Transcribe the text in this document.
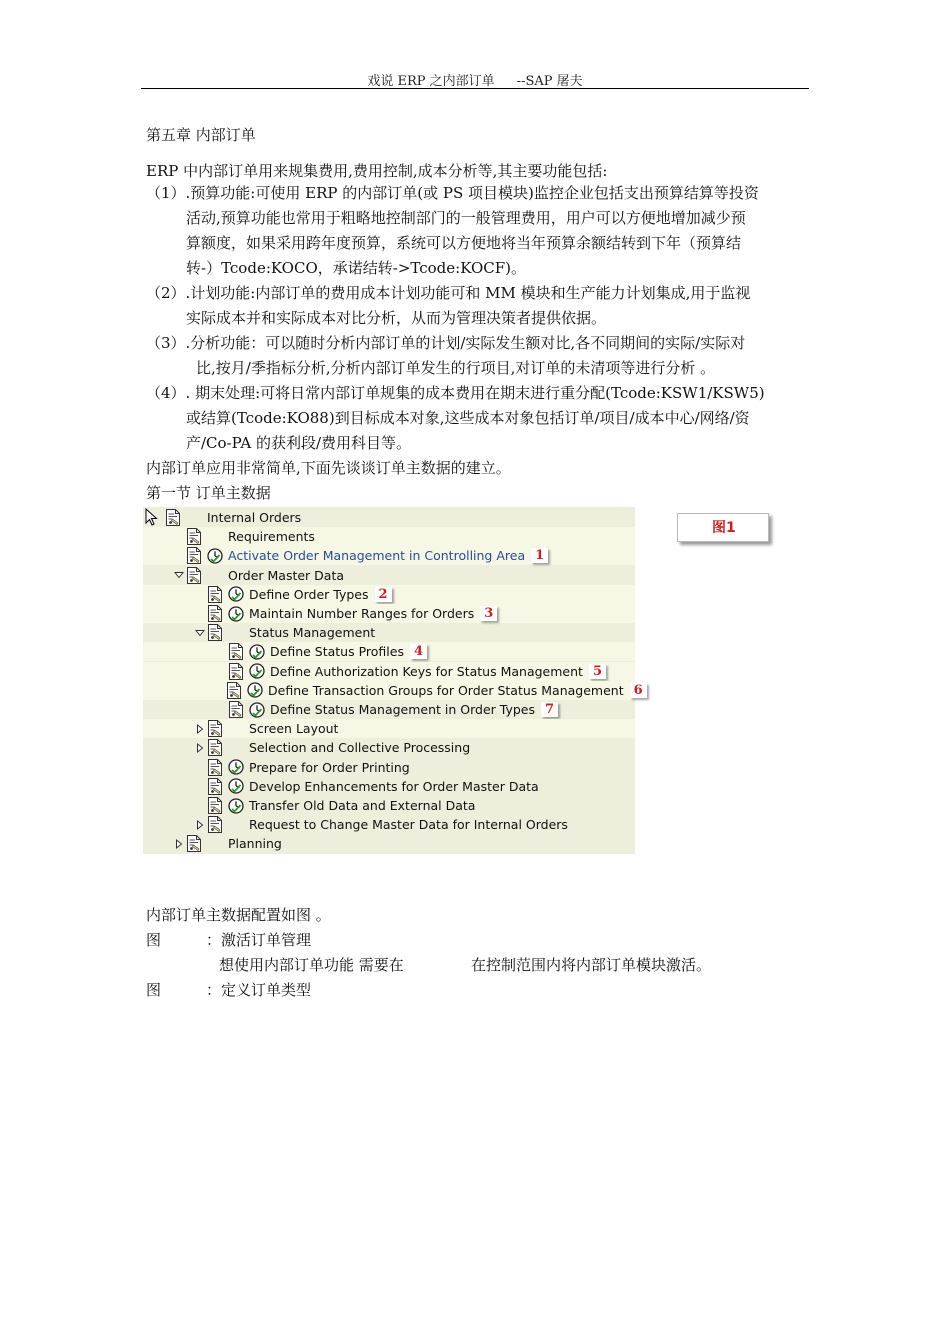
戏说 ERP 之内部订单 --SAP 屠夫
第五章 内部订单
ERP 中内部订单用来规集费用,费用控制,成本分析等,其主要功能包括:
（1）.预算功能:可使用 ERP 的内部订单(或 PS 项目模块)监控企业包括支出预算结算等投资
活动,预算功能也常用于粗略地控制部门的一般管理费用，用户可以方便地增加减少预
算额度，如果采用跨年度预算，系统可以方便地将当年预算余额结转到下年（预算结
转-）Tcode:KOCO，承诺结转->Tcode:KOCF)。
（2）.计划功能:内部订单的费用成本计划功能可和 MM 模块和生产能力计划集成,用于监视
实际成本并和实际成本对比分析，从而为管理决策者提供依据。
（3）.分析功能：可以随时分析内部订单的计划/实际发生额对比,各不同期间的实际/实际对
比,按月/季指标分析,分析内部订单发生的行项目,对订单的未清项等进行分析 。
（4）. 期末处理:可将日常内部订单规集的成本费用在期末进行重分配(Tcode:KSW1/KSW5)
或结算(Tcode:KO88)到目标成本对象,这些成本对象包括订单/项目/成本中心/网络/资
产/Co-PA 的获利段/费用科目等。
内部订单应用非常简单,下面先谈谈订单主数据的建立。
第一节 订单主数据
Internal Orders
Requirements
Activate Order Management in Controlling Area 1
Order Master Data
Define Order Types 2
Maintain Number Ranges for Orders 3
Status Management
Define Status Profiles 4
Define Authorization Keys for Status Management 5
Define Transaction Groups for Order Status Management 6
Define Status Management in Order Types 7
Screen Layout
Selection and Collective Processing
Prepare for Order Printing
Develop Enhancements for Order Master Data
Transfer Old Data and External Data
Request to Change Master Data for Internal Orders
Planning
图1
内部订单主数据配置如图 。
图	：激活订单管理
想使用内部订单功能 需要在	在控制范围内将内部订单模块激活。
图	：定义订单类型
